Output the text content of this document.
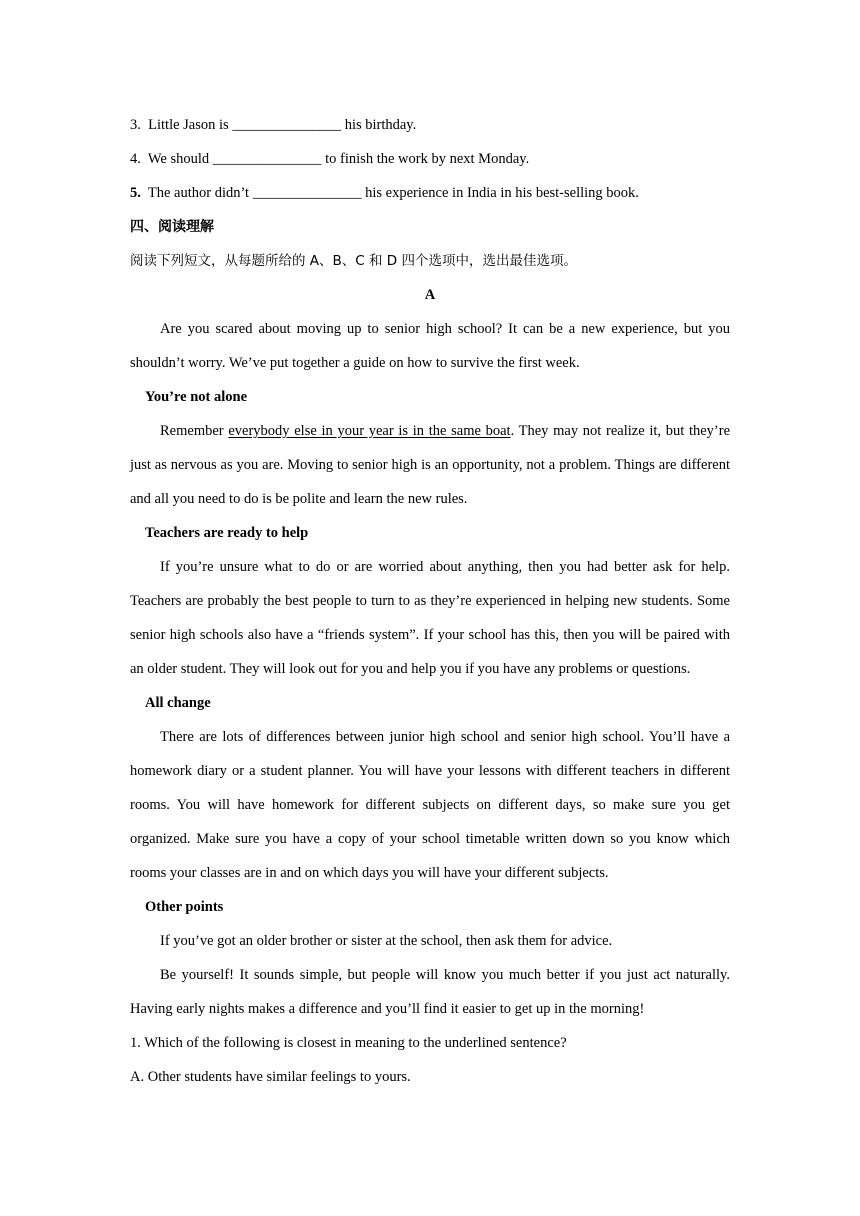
3. Little Jason is _______________ his birthday.

4. We should _______________ to finish the work by next Monday.

5. The author didn’t _______________ his experience in India in his best-selling book.

四、阅读理解

阅读下列短文，从每题所给的 A、B、C 和 D 四个选项中，选出最佳选项。

A

Are you scared about moving up to senior high school? It can be a new experience, but you shouldn’t worry. We’ve put together a guide on how to survive the first week.

You’re not alone

Remember everybody else in your year is in the same boat. They may not realize it, but they’re just as nervous as you are. Moving to senior high is an opportunity, not a problem. Things are different and all you need to do is be polite and learn the new rules.

Teachers are ready to help

If you’re unsure what to do or are worried about anything, then you had better ask for help. Teachers are probably the best people to turn to as they’re experienced in helping new students. Some senior high schools also have a “friends system”. If your school has this, then you will be paired with an older student. They will look out for you and help you if you have any problems or questions.

All change

There are lots of differences between junior high school and senior high school. You’ll have a homework diary or a student planner. You will have your lessons with different teachers in different rooms. You will have homework for different subjects on different days, so make sure you get organized. Make sure you have a copy of your school timetable written down so you know which rooms your classes are in and on which days you will have your different subjects.

Other points

If you’ve got an older brother or sister at the school, then ask them for advice.

Be yourself! It sounds simple, but people will know you much better if you just act naturally. Having early nights makes a difference and you’ll find it easier to get up in the morning!

1. Which of the following is closest in meaning to the underlined sentence?

A. Other students have similar feelings to yours.
